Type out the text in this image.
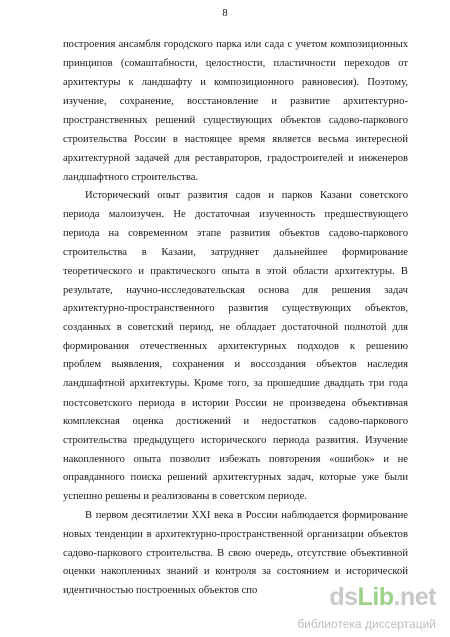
8
построения ансамбля городского парка или сада с учетом композиционных
принципов (сомаштабности, целостности, пластичности переходов от
архитектуры к ландшафту и композиционного равновесия). Поэтому,
изучение, сохранение, восстановление и развитие архитектурно-
пространственных решений существующих объектов садово-паркового
строительства России в настоящее время является весьма интересной
архитектурной задачей для реставраторов, градостроителей и инженеров
ландшафтного строительства.
Исторический опыт развития садов и парков Казани советского
периода малоизучен. Не достаточная изученность предшествующего
периода на современном этапе развития объектов садово-паркового
строительства в Казани, затрудняет дальнейшее формирование
теоретического и практического опыта в этой области архитектуры. В
результате, научно-исследовательская основа для решения задач
архитектурно-пространственного развития существующих объектов,
созданных в советский период, не обладает достаточной полнотой для
формирования отечественных архитектурных подходов к решению
проблем выявления, сохранения и воссоздания объектов наследия
ландшафтной архитектуры. Кроме того, за прошедшие двадцать три года
постсоветского периода в истории России не произведена объективная
комплексная оценка достижений и недостатков садово-паркового
строительства предыдущего исторического периода развития. Изучение
накопленного опыта позволит избежать повторения «ошибок» и не
оправданного поиска решений архитектурных задач, которые уже были
успешно решены и реализованы в советском периоде.
В первом десятилетии XXI века в России наблюдается формирование
новых тенденции в архитектурно-пространственной организации объектов
садово-паркового строительства. В свою очередь, отсутствие объективной
оценки накопленных знаний и контроля за состоянием и исторической
идентичностью построенных объектов спо	dsLib.net
библиотека диссертаций
